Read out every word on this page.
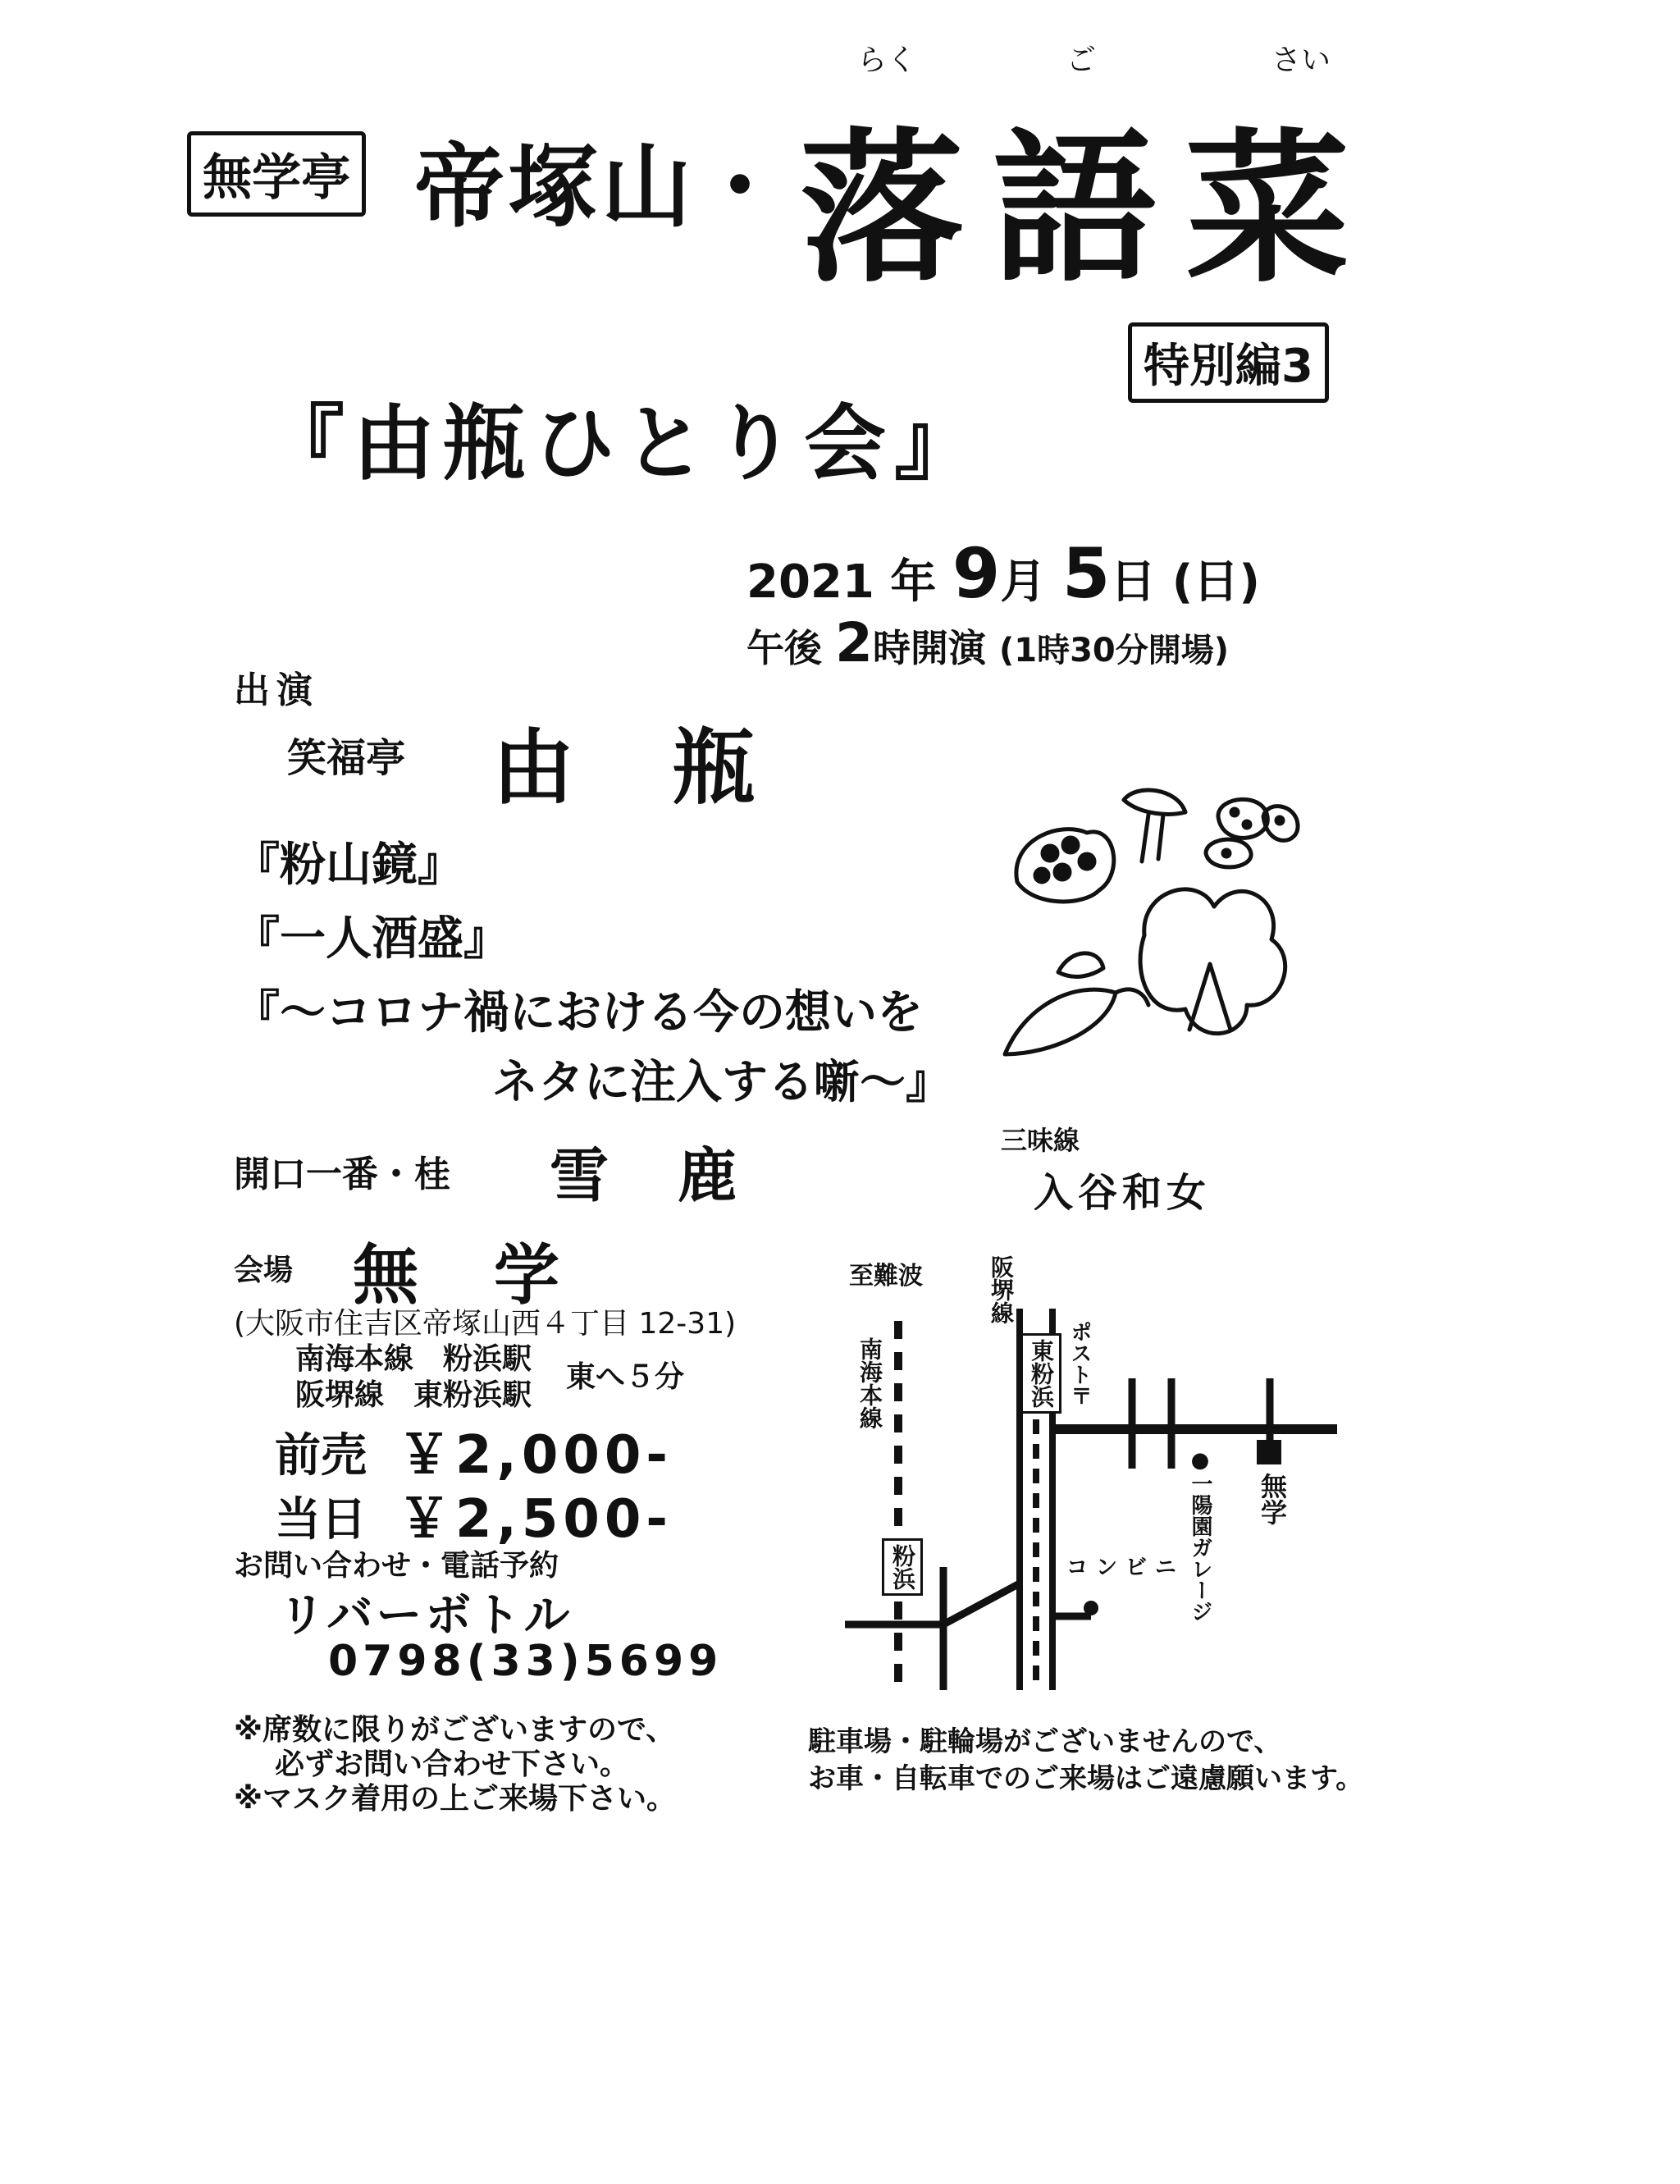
無学亭 帝塚山・
らく	ご	さい
落 語 菜
特別編3
『由瓶ひとり会』
2021 年 9月 5日 (日)
午後 2時開演 (1時30分開場)
出演
笑福亭 由　瓶
『粉山鏡』
『一人酒盛』
『〜コロナ禍における今の想いを
ネタに注入する噺〜』
開口一番・桂 雪　鹿
三味線
入谷和女
会場 無　学
(大阪市住吉区帝塚山西４丁目 12-31)
南海本線　粉浜駅
阪堺線　東粉浜駅
東へ５分
前売 ￥2,000-
当日 ￥2,500-
お問い合わせ・電話予約
リバーボトル
0798(33)5699
※席数に限りがございますので、
必ずお問い合わせ下さい。
※マスク着用の上ご来場下さい。
至難波	阪堺線
ポスト〒
南海本線	東粉浜
粉浜	●一陽園ガレージ
コンビニ
無学
駐車場・駐輪場がございませんので、
お車・自転車でのご来場はご遠慮願います。
